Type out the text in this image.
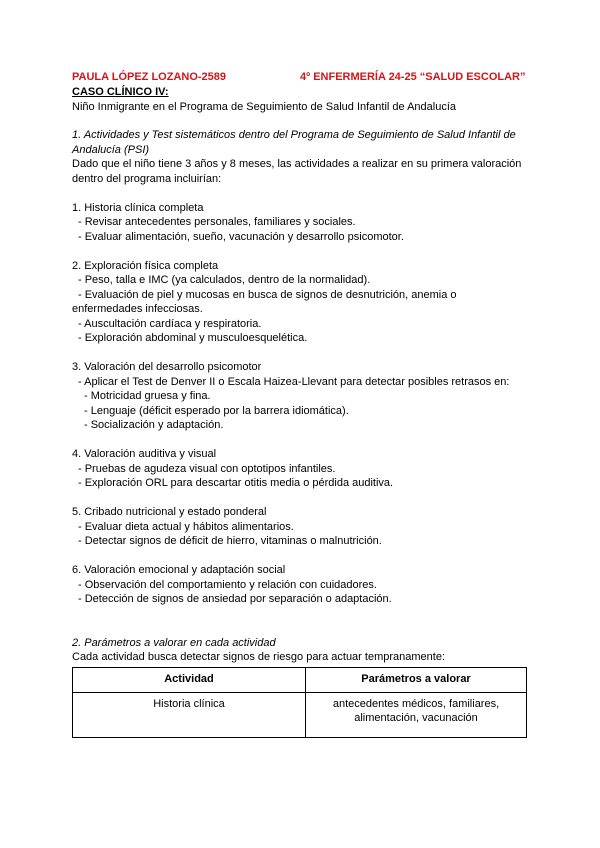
PAULA LÓPEZ LOZANO-2589	4º ENFERMERÍA 24-25 “SALUD ESCOLAR”
CASO CLÍNICO IV:
Niño Inmigrante en el Programa de Seguimiento de Salud Infantil de Andalucía
1. Actividades y Test sistemáticos dentro del Programa de Seguimiento de Salud Infantil de
Andalucía (PSI)
Dado que el niño tiene 3 años y 8 meses, las actividades a realizar en su primera valoración
dentro del programa incluirían:
1. Historia clínica completa
- Revisar antecedentes personales, familiares y sociales.
- Evaluar alimentación, sueño, vacunación y desarrollo psicomotor.
2. Exploración física completa
- Peso, talla e IMC (ya calculados, dentro de la normalidad).
- Evaluación de piel y mucosas en busca de signos de desnutrición, anemia o
enfermedades infecciosas.
- Auscultación cardíaca y respiratoria.
- Exploración abdominal y musculoesquelética.
3. Valoración del desarrollo psicomotor
- Aplicar el Test de Denver II o Escala Haizea-Llevant para detectar posibles retrasos en:
- Motricidad gruesa y fina.
- Lenguaje (déficit esperado por la barrera idiomática).
- Socialización y adaptación.
4. Valoración auditiva y visual
- Pruebas de agudeza visual con optotipos infantiles.
- Exploración ORL para descartar otitis media o pérdida auditiva.
5. Cribado nutricional y estado ponderal
- Evaluar dieta actual y hábitos alimentarios.
- Detectar signos de déficit de hierro, vitaminas o malnutrición.
6. Valoración emocional y adaptación social
- Observación del comportamiento y relación con cuidadores.
- Detección de signos de ansiedad por separación o adaptación.
2. Parámetros a valorar en cada actividad
Cada actividad busca detectar signos de riesgo para actuar tempranamente:
Actividad	Parámetros a valorar
Historia clínica	antecedentes médicos, familiares,
alimentación, vacunación
